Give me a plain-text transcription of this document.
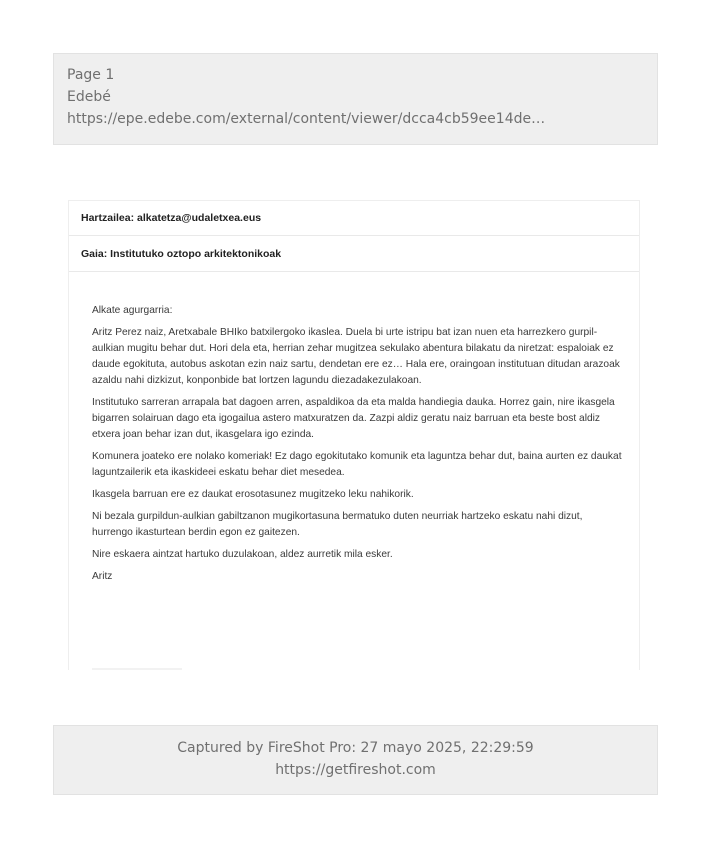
Page 1
Edebé
https://epe.edebe.com/external/content/viewer/dcca4cb59ee14de…
Hartzailea: alkatetza@udaletxea.eus
Gaia: Institutuko oztopo arkitektonikoak

Alkate agurgarria:

Aritz Perez naiz, Aretxabale BHIko batxilergoko ikaslea. Duela bi urte istripu bat izan nuen eta harrezkero gurpil-aulkian mugitu behar dut. Hori dela eta, herrian zehar mugitzea sekulako abentura bilakatu da niretzat: espaloiak ez daude egokituta, autobus askotan ezin naiz sartu, dendetan ere ez… Hala ere, oraingoan institutuan ditudan arazoak azaldu nahi dizkizut, konponbide bat lortzen lagundu diezadakezulakoan.

Institutuko sarreran arrapala bat dagoen arren, aspaldikoa da eta malda handiegia dauka. Horrez gain, nire ikasgela bigarren solairuan dago eta igogailua astero matxuratzen da. Zazpi aldiz geratu naiz barruan eta beste bost aldiz etxera joan behar izan dut, ikasgelara igo ezinda.

Komunera joateko ere nolako komeriak! Ez dago egokitutako komunik eta laguntza behar dut, baina aurten ez daukat laguntzailerik eta ikaskideei eskatu behar diet mesedea.

Ikasgela barruan ere ez daukat erosotasunez mugitzeko leku nahikorik.

Ni bezala gurpildun-aulkian gabiltzanon mugikortasuna bermatuko duten neurriak hartzeko eskatu nahi dizut, hurrengo ikasturtean berdin egon ez gaitezen.

Nire eskaera aintzat hartuko duzulakoan, aldez aurretik mila esker.

Aritz

Captured by FireShot Pro: 27 mayo 2025, 22:29:59
https://getfireshot.com
